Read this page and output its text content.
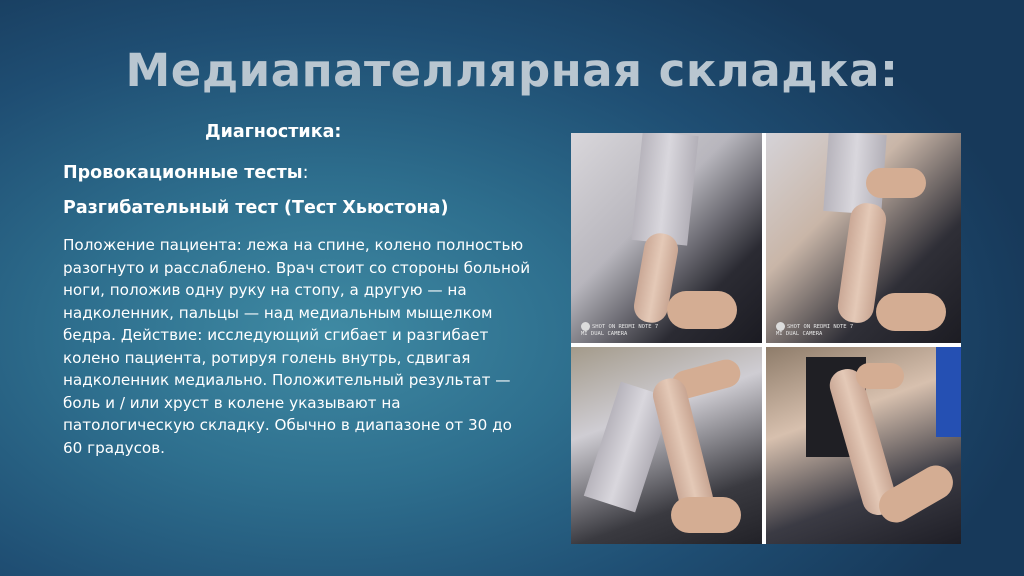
Медиапателлярная складка:
Диагностика:
Провокационные тесты:
Разгибательный тест (Тест Хьюстона)
Положение пациента: лежа на спине, колено полностью разогнуто и расслаблено. Врач стоит со стороны больной ноги, положив одну руку на стопу, а другую — на надколенник, пальцы — над медиальным мыщелком бедра. Действие: исследующий сгибает и разгибает колено пациента, ротируя голень внутрь, сдвигая надколенник медиально. Положительный результат — боль и / или хруст в колене указывают на патологическую складку. Обычно в диапазоне от 30 до 60 градусов.
SHOT ON REDMI NOTE 7
MI DUAL CAMERA
SHOT ON REDMI NOTE 7
MI DUAL CAMERA
